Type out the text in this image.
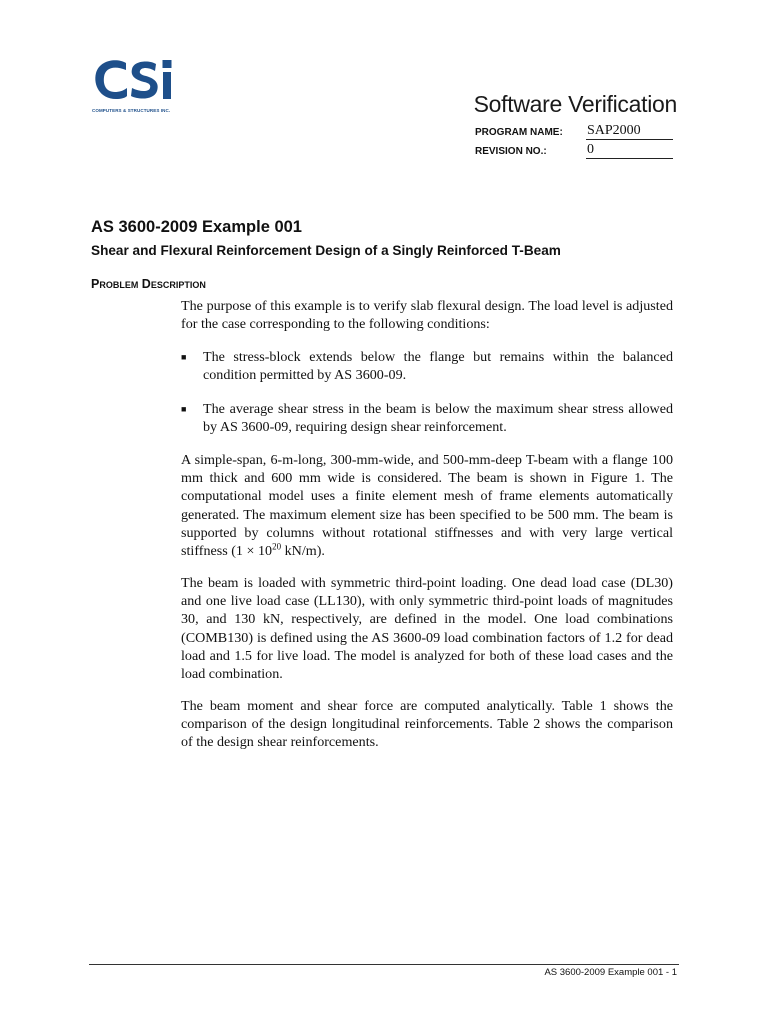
COMPUTERS & STRUCTURES INC.	Software Verification
PROGRAM NAME: SAP2000
REVISION NO.:	0
AS 3600-2009 Example 001
Shear and Flexural Reinforcement Design of a Singly Reinforced T-Beam
Problem Description

The purpose of this example is to verify slab flexural design. The load level is adjusted for the case corresponding to the following conditions:

■ The stress-block extends below the flange but remains within the balanced condition permitted by AS 3600-09.
■ The average shear stress in the beam is below the maximum shear stress allowed by AS 3600-09, requiring design shear reinforcement.

A simple-span, 6-m-long, 300-mm-wide, and 500-mm-deep T-beam with a flange 100 mm thick and 600 mm wide is considered. The beam is shown in Figure 1. The computational model uses a finite element mesh of frame elements automatically generated. The maximum element size has been specified to be 500 mm. The beam is supported by columns without rotational stiffnesses and with very large vertical stiffness ($1 \times 10^{20}$ kN/m).

The beam is loaded with symmetric third-point loading. One dead load case (DL30) and one live load case (LL130), with only symmetric third-point loads of magnitudes 30, and 130 kN, respectively, are defined in the model. One load combinations (COMB130) is defined using the AS 3600-09 load combination factors of 1.2 for dead load and 1.5 for live load. The model is analyzed for both of these load cases and the load combination.

The beam moment and shear force are computed analytically. Table 1 shows the comparison of the design longitudinal reinforcements. Table 2 shows the comparison of the design shear reinforcements.

AS 3600-2009 Example 001 - 1
